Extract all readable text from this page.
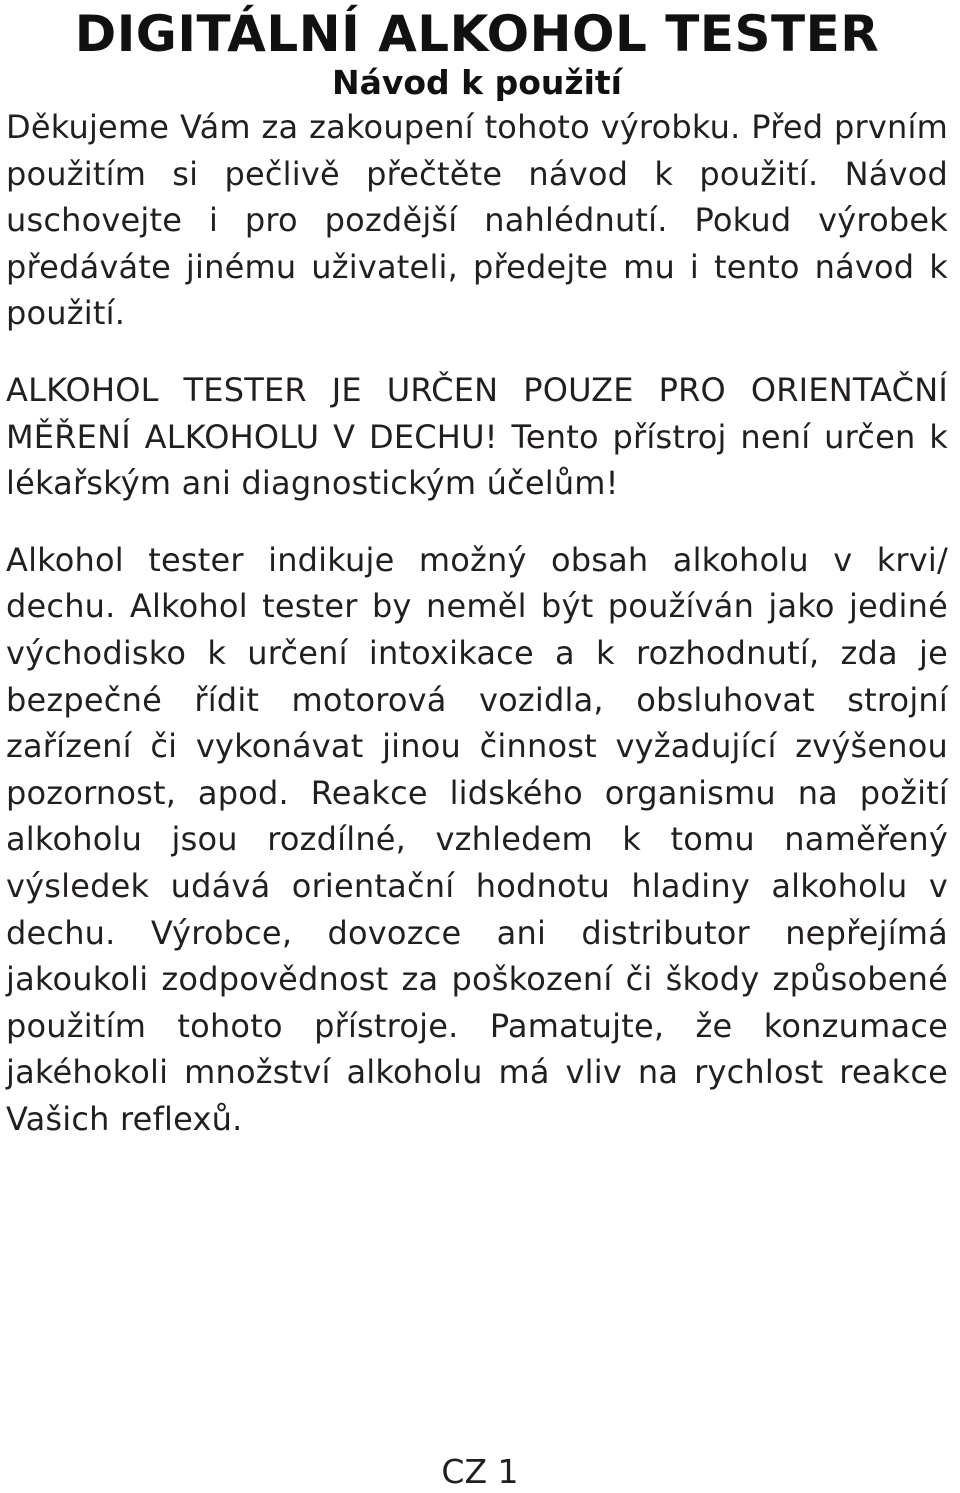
DIGITÁLNÍ ALKOHOL TESTER
Návod k použití

Děkujeme Vám za zakoupení tohoto výrobku. Před prvním použitím si pečlivě přečtěte návod k použití. Návod uschovejte i pro pozdější nahlédnutí. Pokud výrobek předáváte jinému uživateli, předejte mu i tento návod k použití.

ALKOHOL TESTER JE URČEN POUZE PRO ORIENTAČNÍ MĚŘENÍ ALKOHOLU V DECHU! Tento přístroj není určen k lékařským ani diagnostickým účelům!

Alkohol tester indikuje možný obsah alkoholu v krvi/ dechu. Alkohol tester by neměl být používán jako jediné východisko k určení intoxikace a k rozhodnutí, zda je bezpečné řídit motorová vozidla, obsluhovat strojní zařízení či vykonávat jinou činnost vyžadující zvýšenou pozornost, apod. Reakce lidského organismu na požití alkoholu jsou rozdílné, vzhledem k tomu naměřený výsledek udává orientační hodnotu hladiny alkoholu v dechu. Výrobce, dovozce ani distributor nepřejímá jakoukoli zodpovědnost za poškození či škody způsobené použitím tohoto přístroje. Pamatujte, že konzumace jakéhokoli množství alkoholu má vliv na rychlost reakce Vašich reflexů.

CZ 1
